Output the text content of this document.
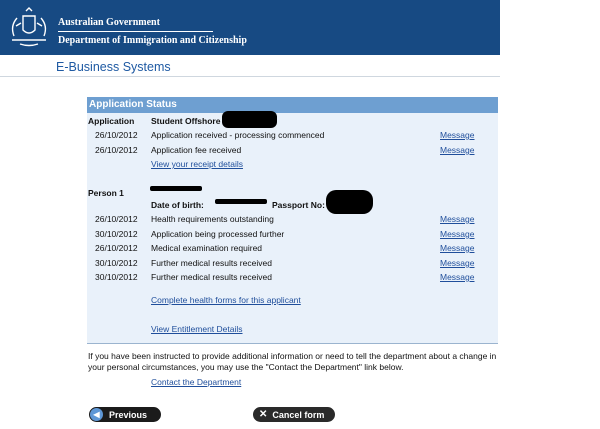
Australian Government
Department of Immigration and Citizenship
E-Business Systems
Application Status
Application Student Offshore
26/10/2012 Application received - processing commenced	Message
26/10/2012 Application fee received	Message
View your receipt details
Person 1
Date of birth:	Passport No:
26/10/2012 Health requirements outstanding	Message
30/10/2012 Application being processed further	Message
26/10/2012 Medical examination required	Message
30/10/2012 Further medical results received	Message
30/10/2012 Further medical results received	Message
Complete health forms for this applicant
View Entitlement Details
If you have been instructed to provide additional information or need to tell the department about a change in
your personal circumstances, you may use the "Contact the Department" link below.
Contact the Department
◀	Previous	✕ Cancel form
